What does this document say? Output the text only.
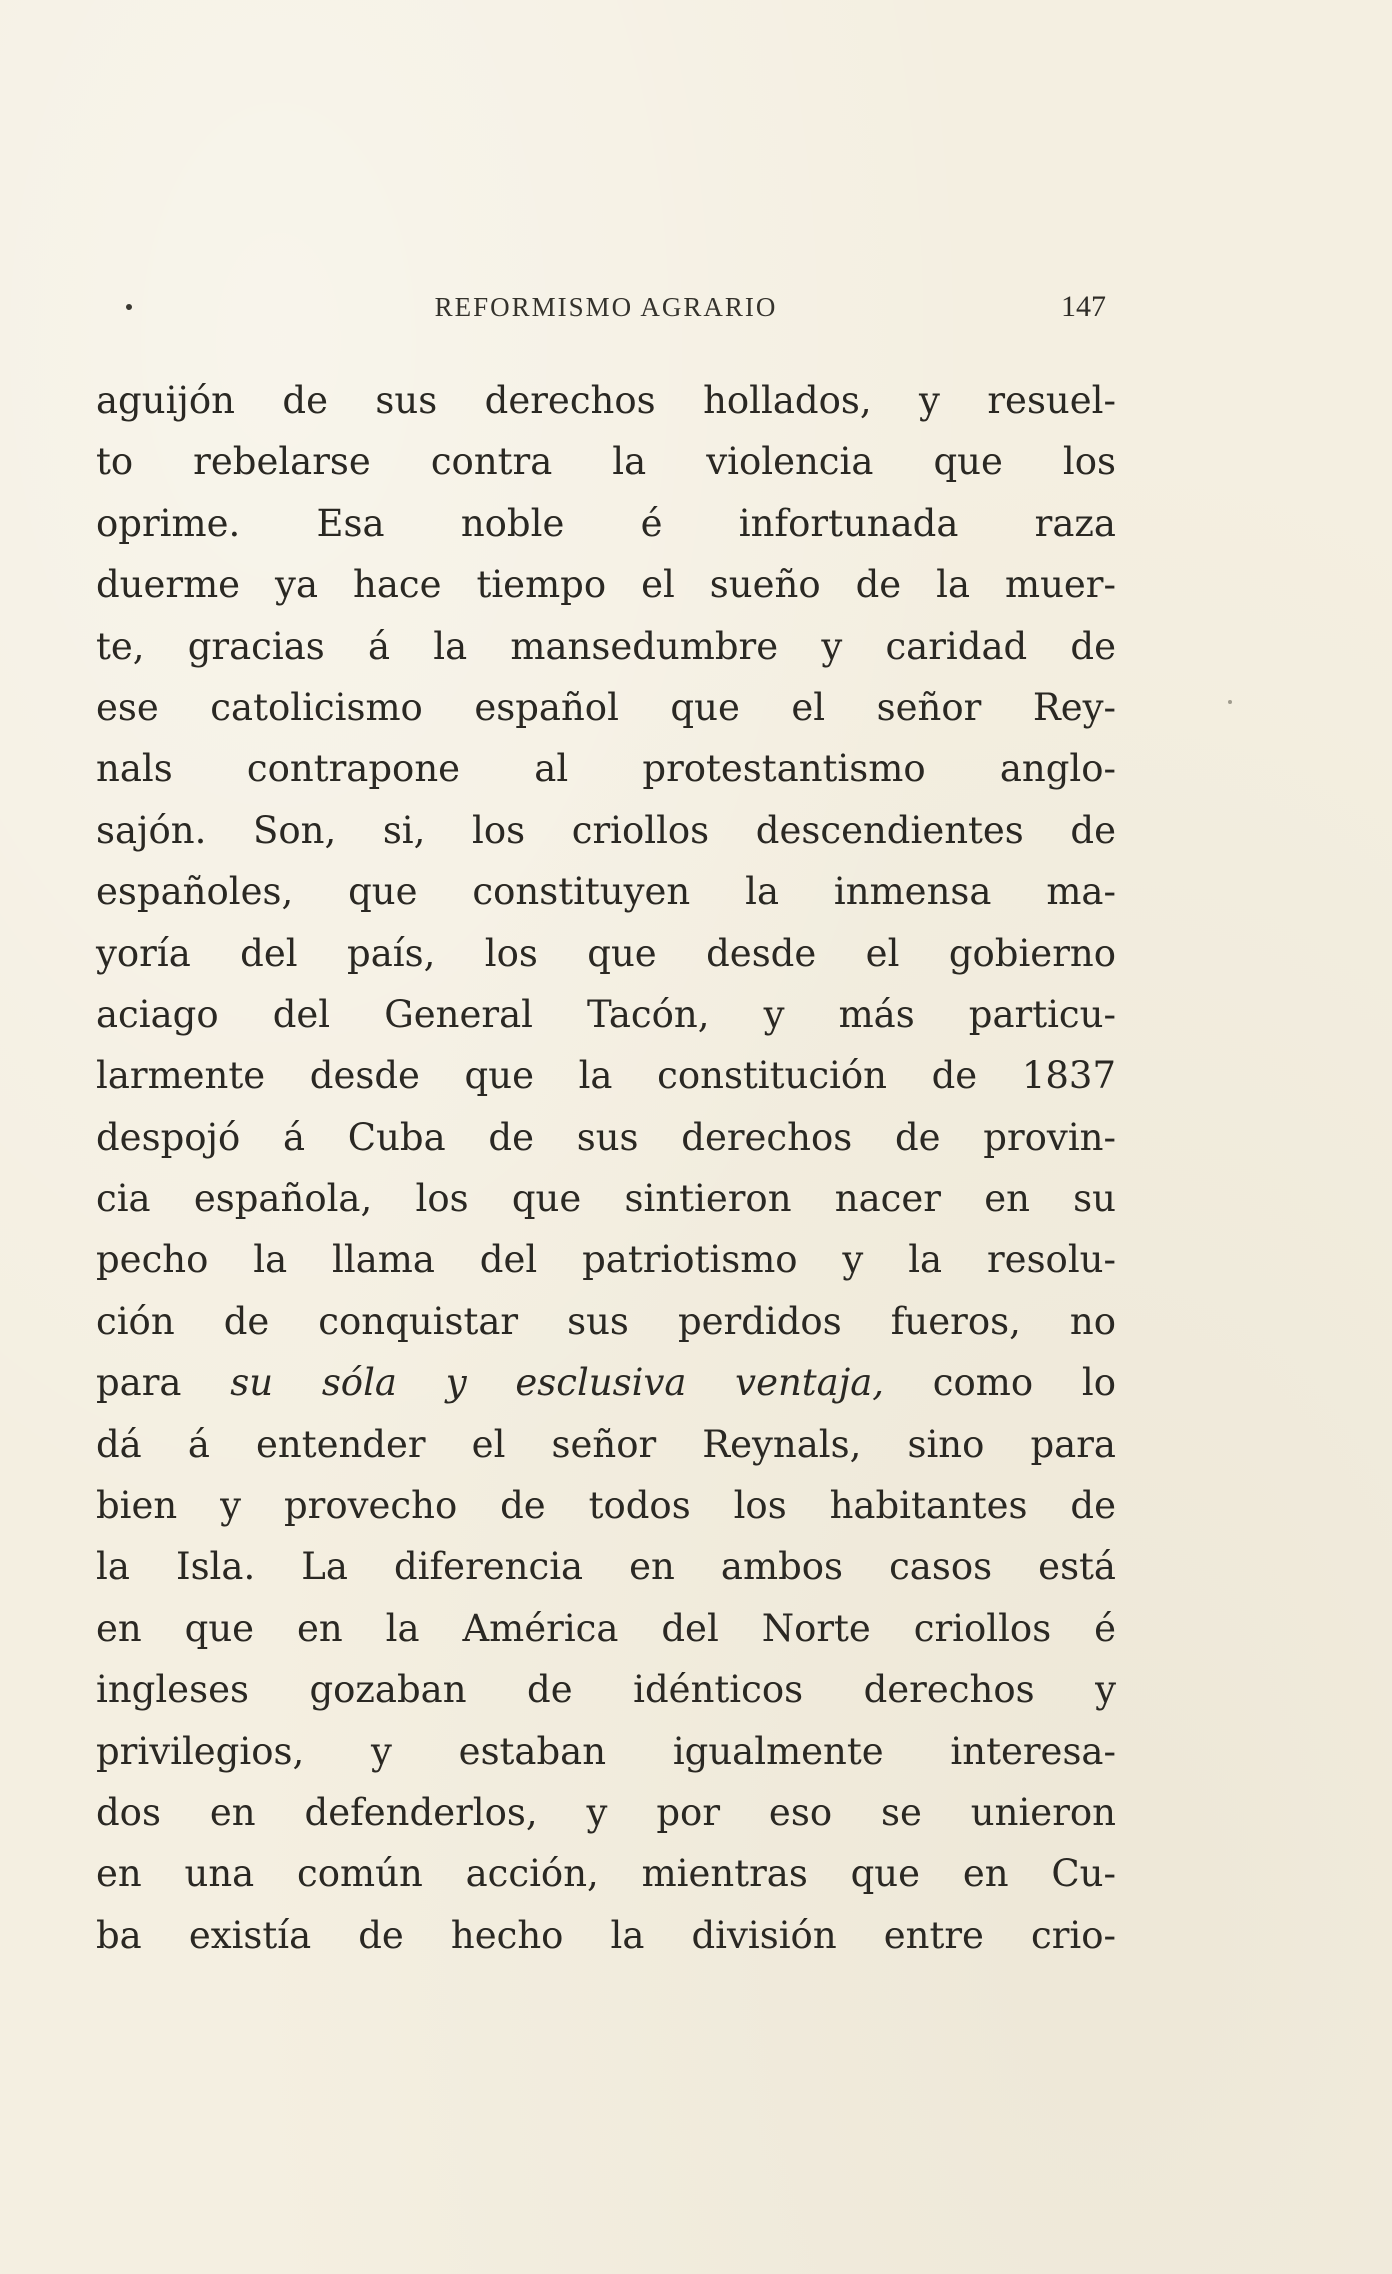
REFORMISMO AGRARIO	147
aguijón de sus derechos hollados, y resuel-
to rebelarse contra la violencia que los
oprime. Esa noble é infortunada raza
duerme ya hace tiempo el sueño de la muer-
te, gracias á la mansedumbre y caridad de
ese catolicismo español que el señor Rey-
nals contrapone al protestantismo anglo-
sajón. Son, si, los criollos descendientes de
españoles, que constituyen la inmensa ma-
yoría del país, los que desde el gobierno
aciago del General Tacón, y más particu-
larmente desde que la constitución de 1837
despojó á Cuba de sus derechos de provin-
cia española, los que sintieron nacer en su
pecho la llama del patriotismo y la resolu-
ción de conquistar sus perdidos fueros, no
para su sóla y esclusiva ventaja, como lo
dá á entender el señor Reynals, sino para
bien y provecho de todos los habitantes de
la Isla. La diferencia en ambos casos está
en que en la América del Norte criollos é
ingleses gozaban de idénticos derechos y
privilegios, y estaban igualmente interesa-
dos en defenderlos, y por eso se unieron
en una común acción, mientras que en Cu-
ba existía de hecho la división entre crio-
